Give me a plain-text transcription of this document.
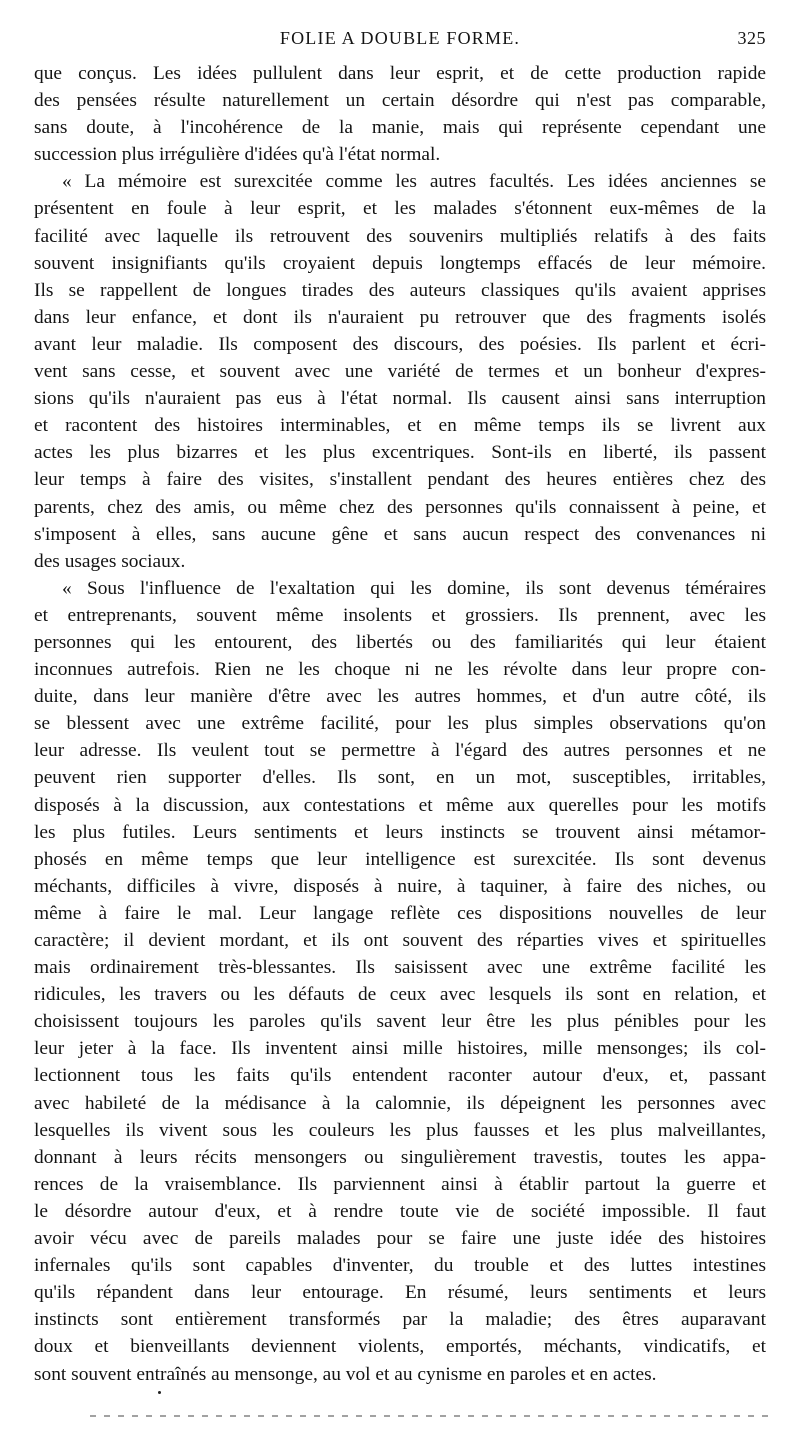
FOLIE A DOUBLE FORME.	325
que conçus. Les idées pullulent dans leur esprit, et de cette production rapide
des pensées résulte naturellement un certain désordre qui n'est pas comparable,
sans doute, à l'incohérence de la manie, mais qui représente cependant une
succession plus irrégulière d'idées qu'à l'état normal.
« La mémoire est surexcitée comme les autres facultés. Les idées anciennes se
présentent en foule à leur esprit, et les malades s'étonnent eux-mêmes de la
facilité avec laquelle ils retrouvent des souvenirs multipliés relatifs à des faits
souvent insignifiants qu'ils croyaient depuis longtemps effacés de leur mémoire.
Ils se rappellent de longues tirades des auteurs classiques qu'ils avaient apprises
dans leur enfance, et dont ils n'auraient pu retrouver que des fragments isolés
avant leur maladie. Ils composent des discours, des poésies. Ils parlent et écri-
vent sans cesse, et souvent avec une variété de termes et un bonheur d'expres-
sions qu'ils n'auraient pas eus à l'état normal. Ils causent ainsi sans interruption
et racontent des histoires interminables, et en même temps ils se livrent aux
actes les plus bizarres et les plus excentriques. Sont-ils en liberté, ils passent
leur temps à faire des visites, s'installent pendant des heures entières chez des
parents, chez des amis, ou même chez des personnes qu'ils connaissent à peine, et
s'imposent à elles, sans aucune gêne et sans aucun respect des convenances ni
des usages sociaux.
« Sous l'influence de l'exaltation qui les domine, ils sont devenus téméraires
et entreprenants, souvent même insolents et grossiers. Ils prennent, avec les
personnes qui les entourent, des libertés ou des familiarités qui leur étaient
inconnues autrefois. Rien ne les choque ni ne les révolte dans leur propre con-
duite, dans leur manière d'être avec les autres hommes, et d'un autre côté, ils
se blessent avec une extrême facilité, pour les plus simples observations qu'on
leur adresse. Ils veulent tout se permettre à l'égard des autres personnes et ne
peuvent rien supporter d'elles. Ils sont, en un mot, susceptibles, irritables,
disposés à la discussion, aux contestations et même aux querelles pour les motifs
les plus futiles. Leurs sentiments et leurs instincts se trouvent ainsi métamor-
phosés en même temps que leur intelligence est surexcitée. Ils sont devenus
méchants, difficiles à vivre, disposés à nuire, à taquiner, à faire des niches, ou
même à faire le mal. Leur langage reflète ces dispositions nouvelles de leur
caractère; il devient mordant, et ils ont souvent des réparties vives et spirituelles
mais ordinairement très-blessantes. Ils saisissent avec une extrême facilité les
ridicules, les travers ou les défauts de ceux avec lesquels ils sont en relation, et
choisissent toujours les paroles qu'ils savent leur être les plus pénibles pour les
leur jeter à la face. Ils inventent ainsi mille histoires, mille mensonges; ils col-
lectionnent tous les faits qu'ils entendent raconter autour d'eux, et, passant
avec habileté de la médisance à la calomnie, ils dépeignent les personnes avec
lesquelles ils vivent sous les couleurs les plus fausses et les plus malveillantes,
donnant à leurs récits mensongers ou singulièrement travestis, toutes les appa-
rences de la vraisemblance. Ils parviennent ainsi à établir partout la guerre et
le désordre autour d'eux, et à rendre toute vie de société impossible. Il faut
avoir vécu avec de pareils malades pour se faire une juste idée des histoires
infernales qu'ils sont capables d'inventer, du trouble et des luttes intestines
qu'ils répandent dans leur entourage. En résumé, leurs sentiments et leurs
instincts sont entièrement transformés par la maladie; des êtres auparavant
doux et bienveillants deviennent violents, emportés, méchants, vindicatifs, et
sont souvent entraînés au mensonge, au vol et au cynisme en paroles et en actes.
